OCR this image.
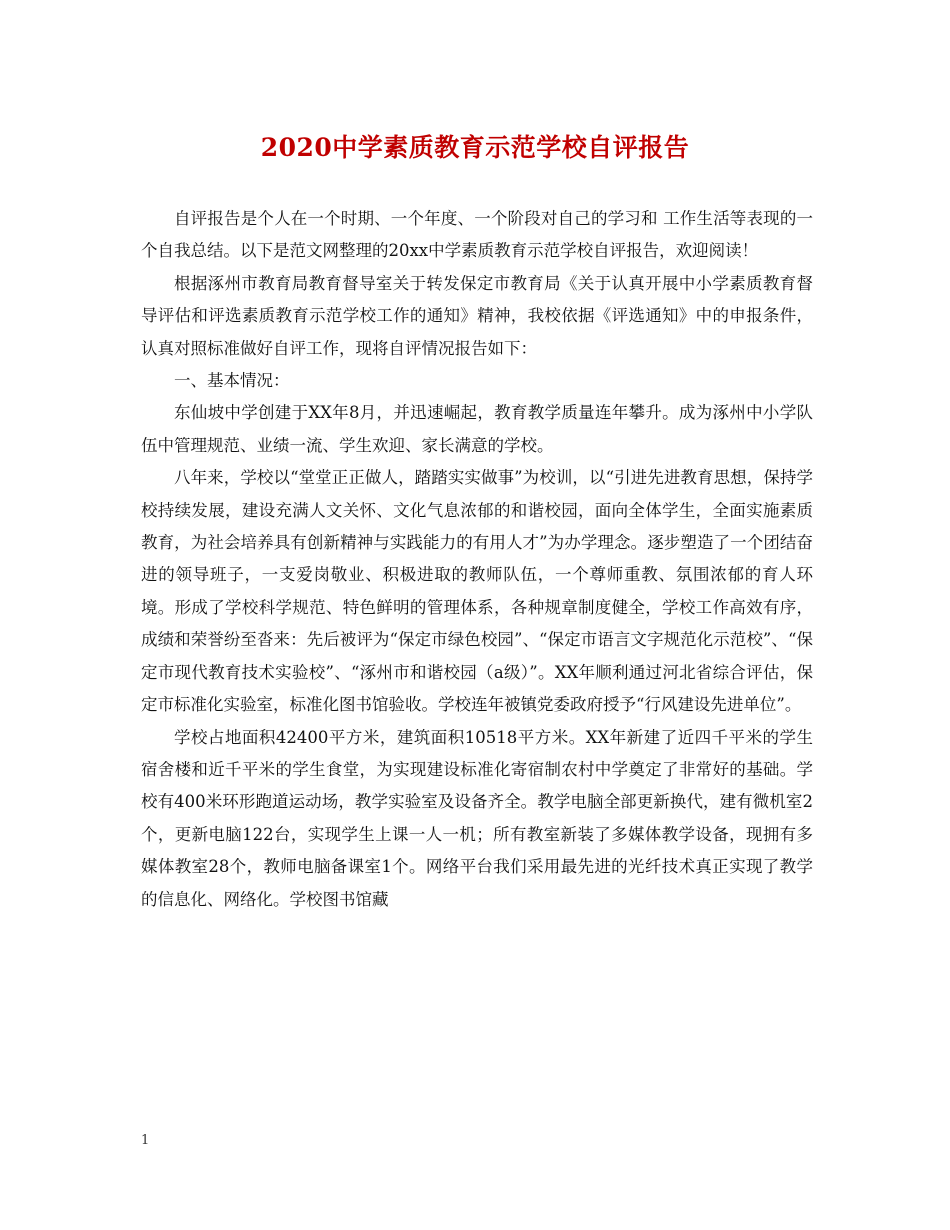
2020中学素质教育示范学校自评报告

自评报告是个人在一个时期、一个年度、一个阶段对自己的学习和 工作生活等表现的一个自我总结。以下是范文网整理的20xx中学素质教育示范学校自评报告，欢迎阅读！

根据涿州市教育局教育督导室关于转发保定市教育局《关于认真开展中小学素质教育督导评估和评选素质教育示范学校工作的通知》精神，我校依据《评选通知》中的申报条件，认真对照标准做好自评工作，现将自评情况报告如下：

一、基本情况：

东仙坡中学创建于XX年8月，并迅速崛起，教育教学质量连年攀升。成为涿州中小学队伍中管理规范、业绩一流、学生欢迎、家长满意的学校。

八年来，学校以“堂堂正正做人，踏踏实实做事”为校训，以“引进先进教育思想，保持学校持续发展，建设充满人文关怀、文化气息浓郁的和谐校园，面向全体学生，全面实施素质教育，为社会培养具有创新精神与实践能力的有用人才”为办学理念。逐步塑造了一个团结奋进的领导班子，一支爱岗敬业、积极进取的教师队伍，一个尊师重教、氛围浓郁的育人环境。形成了学校科学规范、特色鲜明的管理体系，各种规章制度健全，学校工作高效有序，成绩和荣誉纷至沓来：先后被评为“保定市绿色校园”、“保定市语言文字规范化示范校”、“保定市现代教育技术实验校”、“涿州市和谐校园（a级）”。XX年顺利通过河北省综合评估，保定市标准化实验室，标准化图书馆验收。学校连年被镇党委政府授予“行风建设先进单位”。

学校占地面积42400平方米，建筑面积10518平方米。XX年新建了近四千平米的学生宿舍楼和近千平米的学生食堂，为实现建设标准化寄宿制农村中学奠定了非常好的基础。学校有400米环形跑道运动场，教学实验室及设备齐全。教学电脑全部更新换代，建有微机室2个，更新电脑122台，实现学生上课一人一机；所有教室新装了多媒体教学设备，现拥有多媒体教室28个，教师电脑备课室1个。网络平台我们采用最先进的光纤技术真正实现了教学的信息化、网络化。学校图书馆藏

1
